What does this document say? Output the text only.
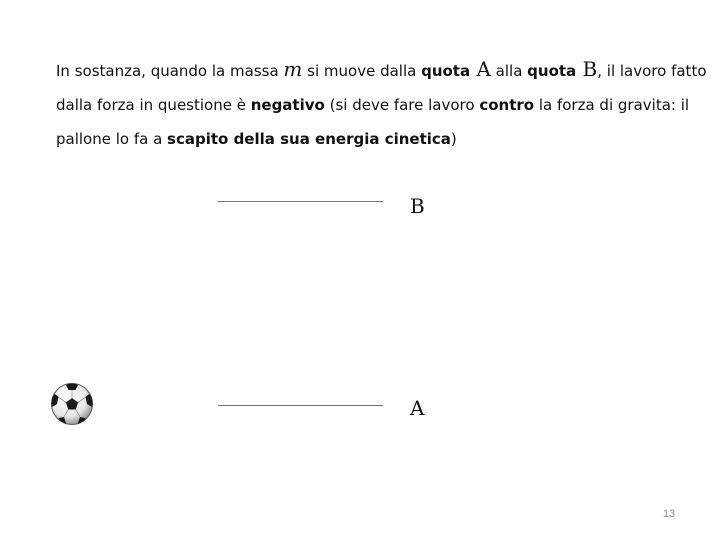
In sostanza, quando la massa m si muove dalla quota A alla quota B, il lavoro fatto
dalla forza in questione è negativo (si deve fare lavoro contro la forza di gravita: il
pallone lo fa a scapito della sua energia cinetica)
B
A
13
